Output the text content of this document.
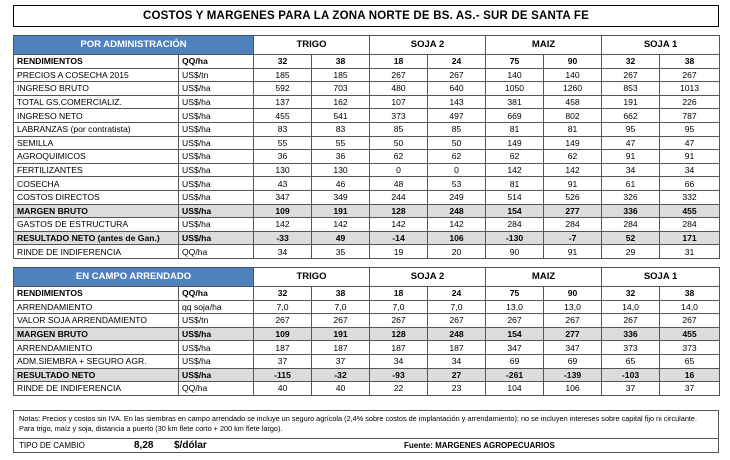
COSTOS Y MARGENES PARA LA ZONA NORTE DE BS. AS.- SUR DE SANTA FE
POR ADMINISTRACIÓN		TRIGO		SOJA 2		MAIZ		SOJA 1	
RENDIMIENTOS	QQ/ha	32	38	18	24	75	90	32	38
PRECIOS A COSECHA 2015	US$/tn	185	185	267	267	140	140	267	267
INGRESO BRUTO	US$/ha	592	703	480	640	1050	1260	853	1013
TOTAL GS.COMERCIALIZ.	US$/ha	137	162	107	143	381	458	191	226
INGRESO NETO	US$/ha	455	541	373	497	669	802	662	787
LABRANZAS (por contratista)	US$/ha	83	83	85	85	81	81	95	95
SEMILLA	US$/ha	55	55	50	50	149	149	47	47
AGROQUIMICOS	US$/ha	36	36	62	62	62	62	91	91
FERTILIZANTES	US$/ha	130	130	0	0	142	142	34	34
COSECHA	US$/ha	43	46	48	53	81	91	61	66
COSTOS DIRECTOS	US$/ha	347	349	244	249	514	526	326	332
MARGEN BRUTO	US$/ha	109	191	128	248	154	277	336	455
GASTOS DE ESTRUCTURA	US$/ha	142	142	142	142	284	284	284	284
RESULTADO NETO (antes de Gan.)	US$/ha	-33	49	-14	106	-130	-7	52	171
RINDE DE INDIFERENCIA	QQ/ha	34	35	19	20	90	91	29	31
EN CAMPO ARRENDADO		TRIGO		SOJA 2		MAIZ		SOJA 1	
RENDIMIENTOS	QQ/ha	32	38	18	24	75	90	32	38
ARRENDAMIENTO	qq soja/ha	7,0	7,0	7,0	7,0	13,0	13,0	14,0	14,0
VALOR SOJA ARRENDAMIENTO	US$/tn	267	267	267	267	267	267	267	267
MARGEN BRUTO	US$/ha	109	191	128	248	154	277	336	455
ARRENDAMIENTO	US$/ha	187	187	187	187	347	347	373	373
ADM.SIEMBRA + SEGURO AGR.	US$/ha	37	37	34	34	69	69	65	65
RESULTADO NETO	US$/ha	-115	-32	-93	27	-261	-139	-103	16
RINDE DE INDIFERENCIA	QQ/ha	40	40	22	23	104	106	37	37
Notas: Precios y costos sin IVA. En las siembras en campo arrendado se incluye un seguro agrícola (2,4% sobre costos de implantación y arrendamiento); no se incluyen intereses sobre capital fijo ni circulante. Para trigo, maíz y soja, distancia a puerto (30 km flete corto + 200 km flete largo).
TIPO DE CAMBIO	8,28	$/dólar	Fuente: MARGENES AGROPECUARIOS
